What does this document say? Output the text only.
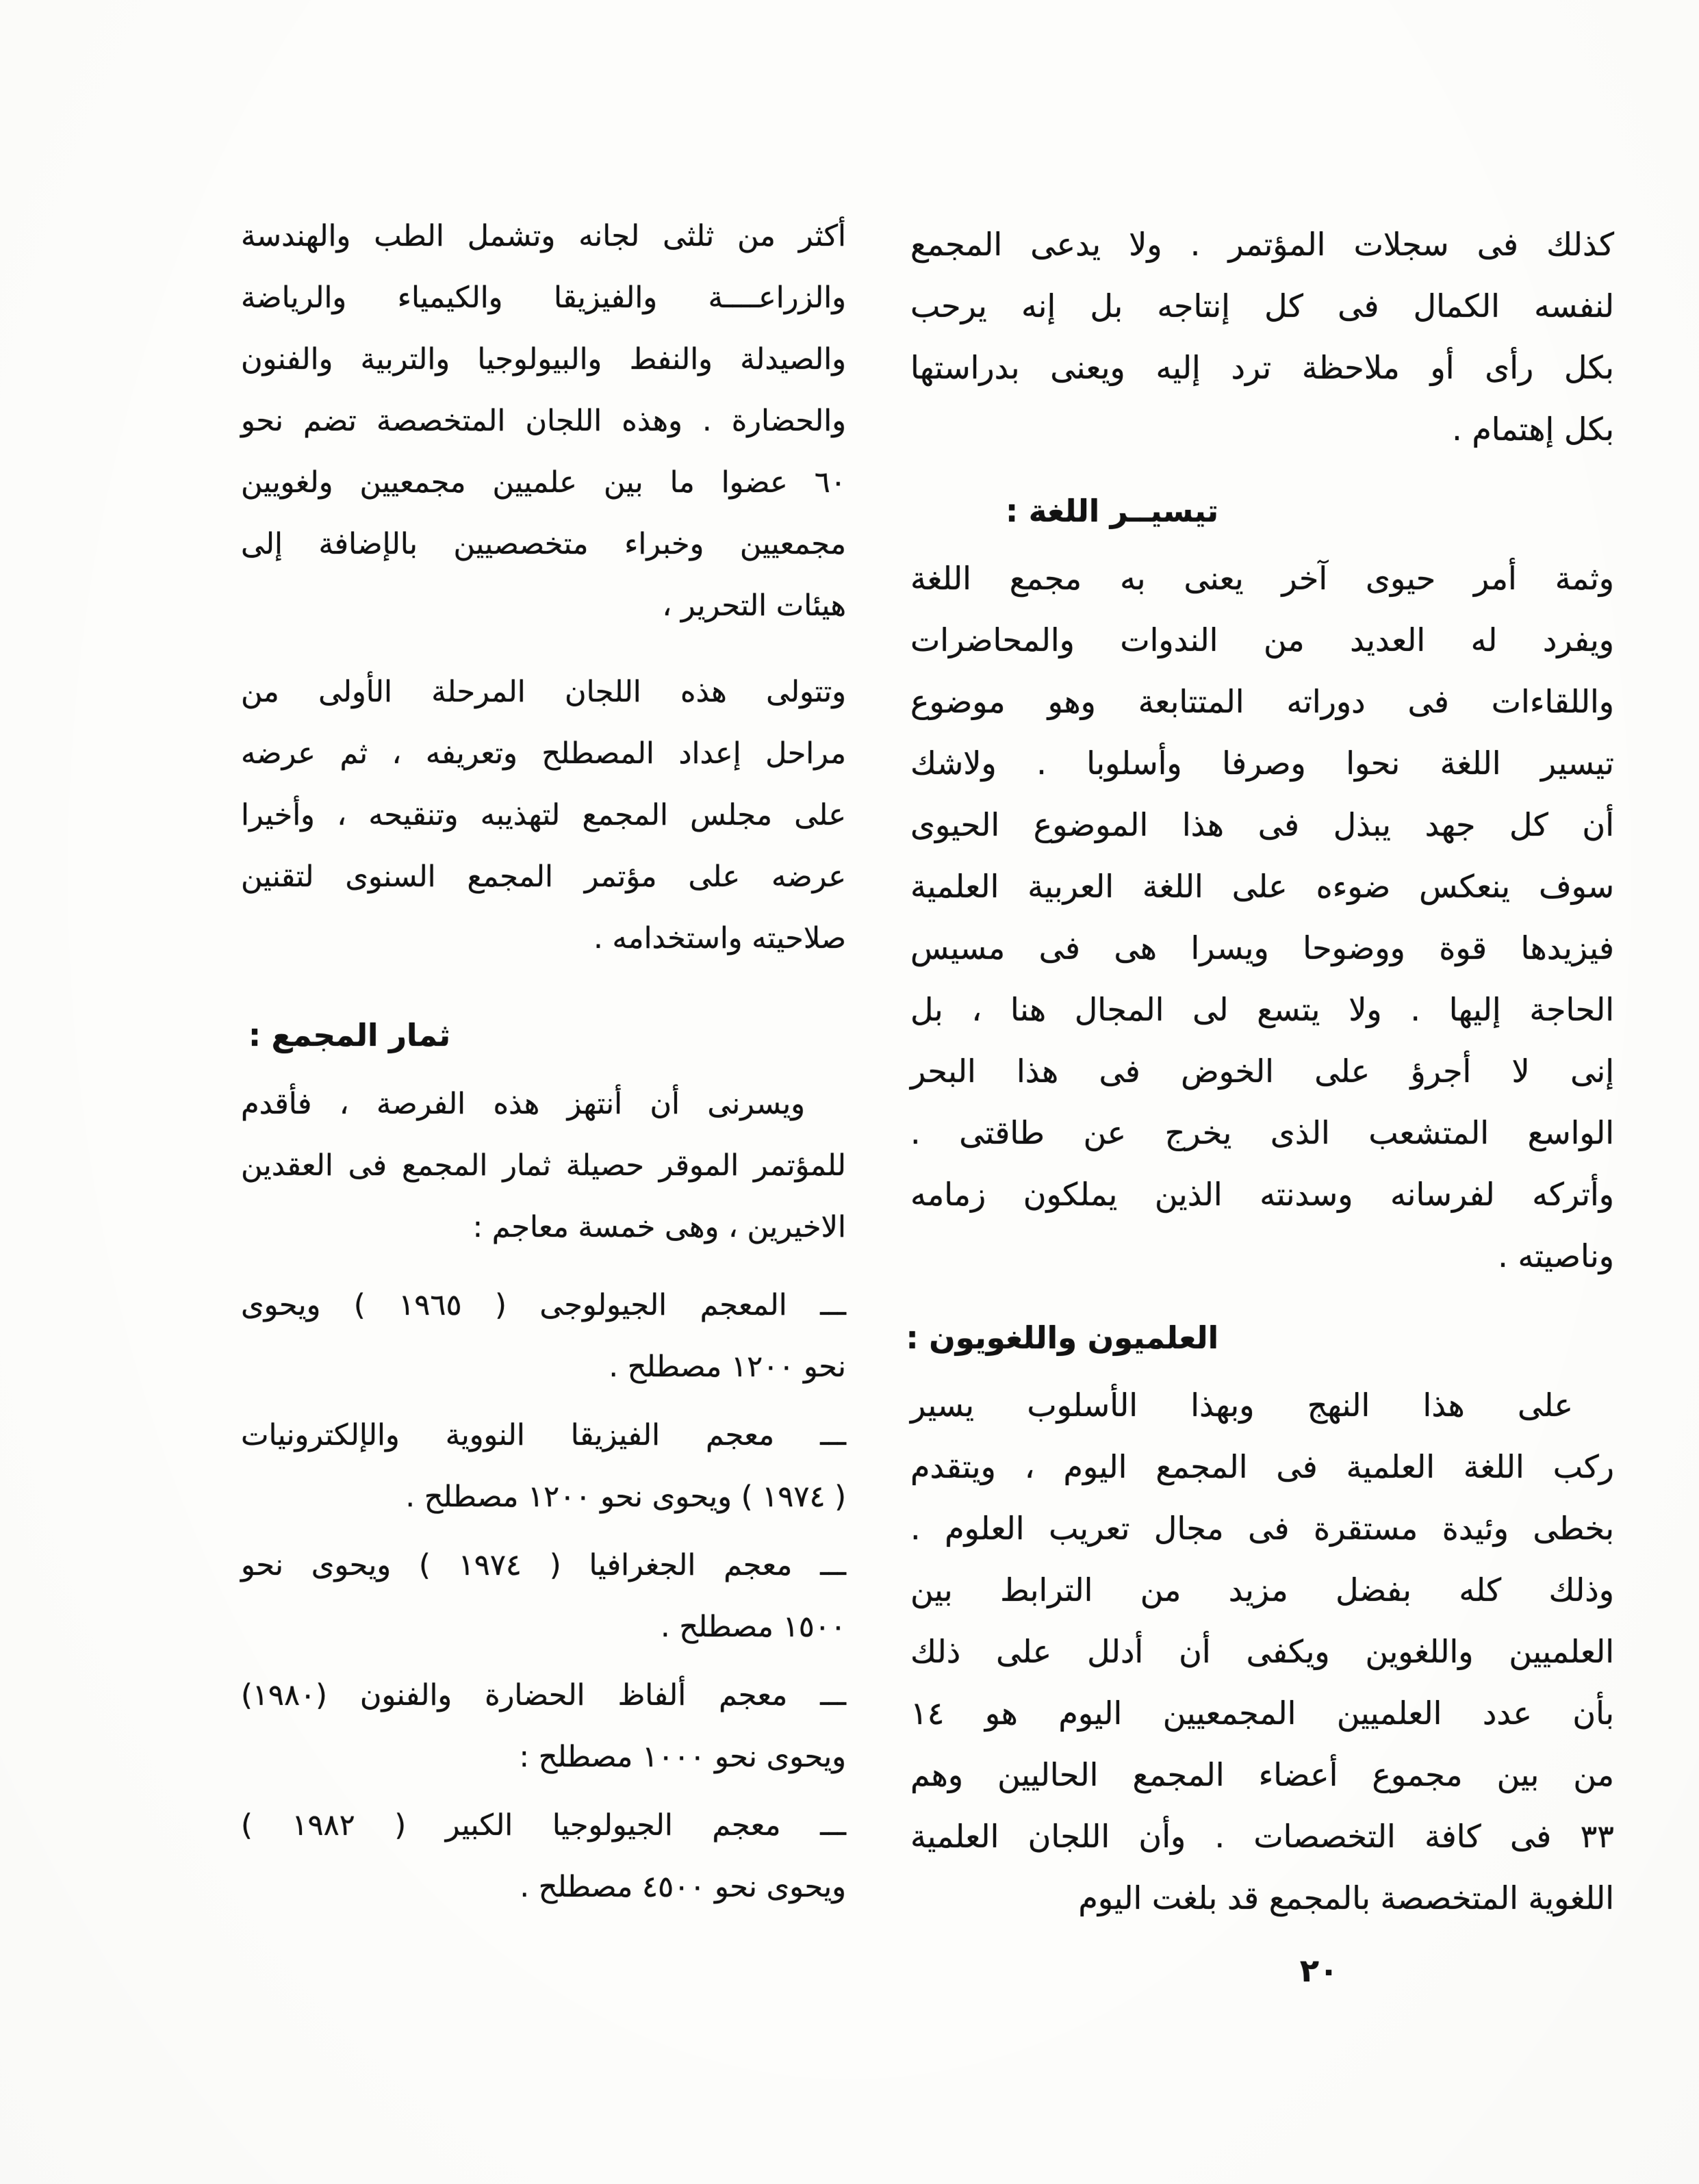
كذلك فى سجلات المؤتمر . ولا يدعى المجمع
لنفسه الكمال فى كل إنتاجه بل إنه يرحب
بكل رأى أو ملاحظة ترد إليه ويعنى بدراستها
بكل إهتمام .
تيسيــر اللغة :
وثمة أمر حيوى آخر يعنى به مجمع اللغة
ويفرد له العديد من الندوات والمحاضرات
واللقاءات فى دوراته المتتابعة وهو موضوع
تيسير اللغة نحوا وصرفا وأسلوبا . ولاشك
أن كل جهد يبذل فى هذا الموضوع الحيوى
سوف ينعكس ضوءه على اللغة العربية العلمية
فيزيدها قوة ووضوحا ويسرا هى فى مسيس
الحاجة إليها . ولا يتسع لى المجال هنا ، بل
إنى لا أجرؤ على الخوض فى هذا البحر
الواسع المتشعب الذى يخرج عن طاقتى .
وأتركه لفرسانه وسدنته الذين يملكون زمامه
وناصيته .
العلميون واللغويون :
على هذا النهج وبهذا الأسلوب يسير
ركب اللغة العلمية فى المجمع اليوم ، ويتقدم
بخطى وئيدة مستقرة فى مجال تعريب العلوم .
وذلك كله بفضل مزيد من الترابط بين
العلميين واللغوين ويكفى أن أدلل على ذلك
بأن عدد العلميين المجمعيين اليوم هو ١٤
من بين مجموع أعضاء المجمع الحاليين وهم
٣٣ فى كافة التخصصات . وأن اللجان العلمية
اللغوية المتخصصة بالمجمع قد بلغت اليوم
أكثر من ثلثى لجانه وتشمل الطب والهندسة
والزراعــــة والفيزيقا والكيمياء والرياضة
والصيدلة والنفط والبيولوجيا والتربية والفنون
والحضارة . وهذه اللجان المتخصصة تضم نحو
٦٠ عضوا ما بين علميين مجمعيين ولغويين
مجمعيين وخبراء متخصصيين بالإضافة إلى
هيئات التحرير ،
وتتولى هذه اللجان المرحلة الأولى من
مراحل إعداد المصطلح وتعريفه ، ثم عرضه
على مجلس المجمع لتهذيبه وتنقيحه ، وأخيرا
عرضه على مؤتمر المجمع السنوى لتقنين
صلاحيته واستخدامه .
ثمار المجمع :
ويسرنى أن أنتهز هذه الفرصة ، فأقدم
للمؤتمر الموقر حصيلة ثمار المجمع فى العقدين
الاخيرين ، وهى خمسة معاجم :
ـــ المعجم الجيولوجى ( ١٩٦٥ ) ويحوى
نحو ١٢٠٠ مصطلح .
ـــ معجم الفيزيقا النووية والإلكترونيات
( ١٩٧٤ ) ويحوى نحو ١٢٠٠ مصطلح .
ـــ معجم الجغرافيا ( ١٩٧٤ ) ويحوى نحو
١٥٠٠ مصطلح .
ـــ معجم ألفاظ الحضارة والفنون (١٩٨٠)
ويحوى نحو ١٠٠٠ مصطلح :
ـــ معجم الجيولوجيا الكبير ( ١٩٨٢ )
ويحوى نحو ٤٥٠٠ مصطلح .
٢٠
